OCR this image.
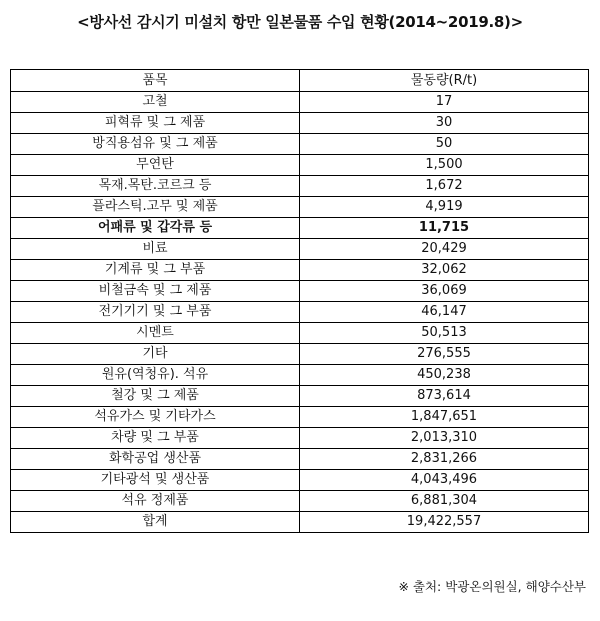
<방사선 감시기 미설치 항만 일본물품 수입 현황(2014~2019.8)>
품목	물동량(R/t)
고철	17
피혁류 및 그 제품	30
방직용섬유 및 그 제품	50
무연탄	1,500
목재.목탄.코르크 등	1,672
플라스틱.고무 및 제품	4,919
어패류 및 갑각류 등	11,715
비료	20,429
기계류 및 그 부품	32,062
비철금속 및 그 제품	36,069
전기기기 및 그 부품	46,147
시멘트	50,513
기타	276,555
원유(역청유). 석유	450,238
철강 및 그 제품	873,614
석유가스 및 기타가스	1,847,651
차량 및 그 부품	2,013,310
화학공업 생산품	2,831,266
기타광석 및 생산품	4,043,496
석유 정제품	6,881,304
합계	19,422,557
※ 출처: 박광온의원실, 해양수산부
